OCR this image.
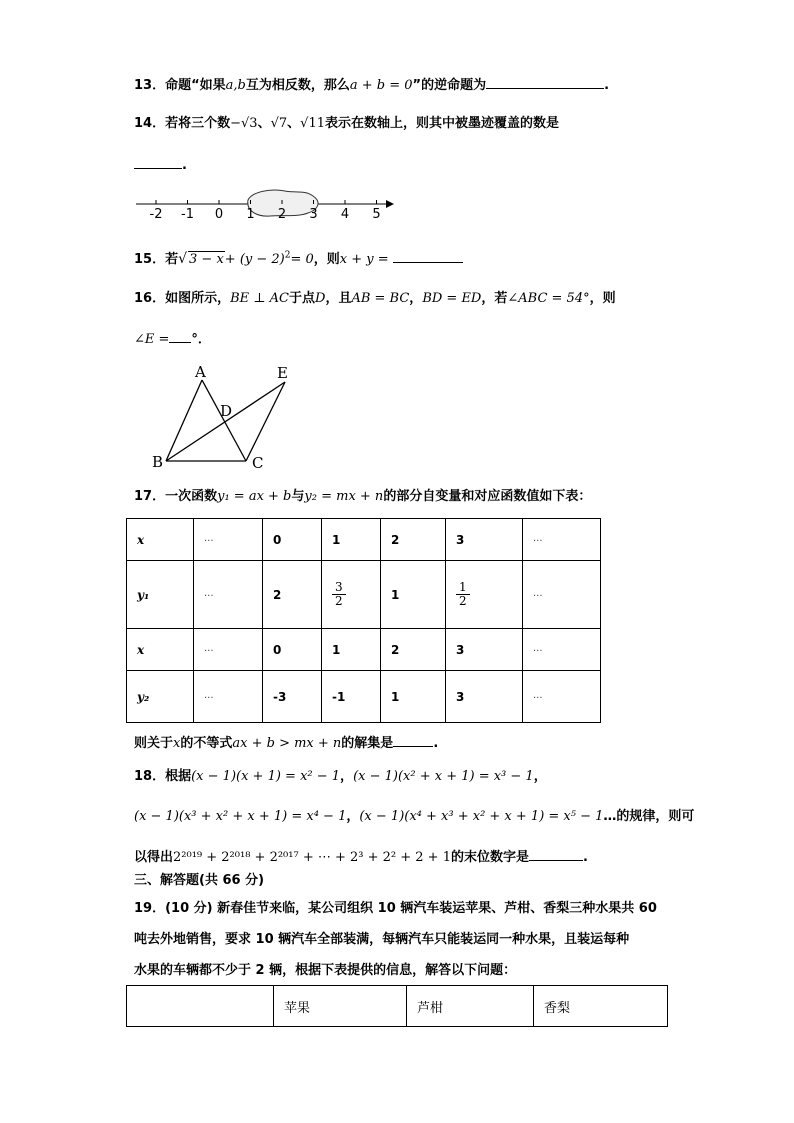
13．命题“如果a,b互为相反数，那么a + b = 0”的逆命题为	.
14．若将三个数−√3、√7、√11表示在数轴上，则其中被墨迹覆盖的数是
.
-2 -1 0 1 2 3 4 5
15．若√ $3 - x+ (y - 2)^2= 0$，则x + y =
16．如图所示，BE ⊥ AC于点D，且AB = BC，BD = ED，若∠ABC = 54°，则
∠E = °．
A
B	C
D
E
17．一次函数y₁ = ax + b与y₂ = mx + n的部分自变量和对应函数值如下表：
x	···	0	1	2	3	···
y₁	···	2	$\frac{3}{2}$	1	$\frac{1}{2}$	···
x	···	0	1	2	3	···
y₂	···	-3	-1	1	3	···
则关于x的不等式ax + b > mx + n的解集是	.
18．根据(x − 1)(x + 1) = x² − 1，(x − 1)(x² + x + 1) = x³ − 1，
(x − 1)(x³ + x² + x + 1) = x⁴ − 1，(x − 1)(x⁴ + x³ + x² + x + 1) = x⁵ − 1…的规律，则可
以得出2²⁰¹⁹ + 2²⁰¹⁸ + 2²⁰¹⁷ + ⋯ + 2³ + 2² + 2 + 1的末位数字是	.
三、解答题(共 66 分)
19．(10 分) 新春佳节来临，某公司组织 10 辆汽车装运苹果、芦柑、香梨三种水果共 60
吨去外地销售，要求 10 辆汽车全部装满，每辆汽车只能装运同一种水果，且装运每种
水果的车辆都不少于 2 辆，根据下表提供的信息，解答以下问题：
	苹果	芦柑	香梨
